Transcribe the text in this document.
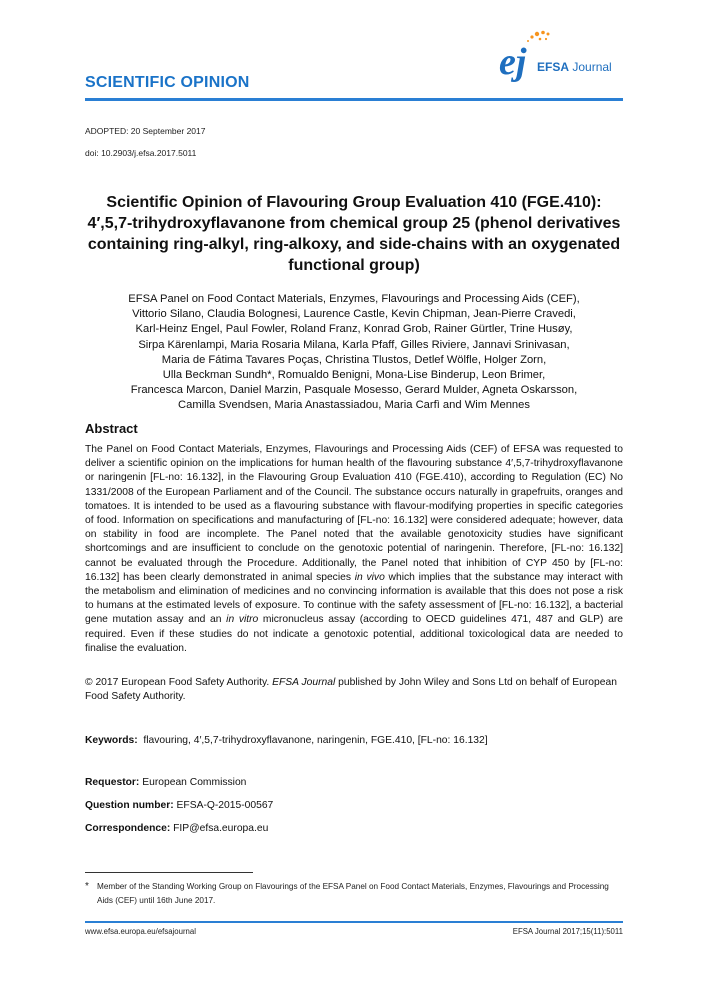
SCIENTIFIC OPINION	ej EFSA Journal
ADOPTED: 20 September 2017
doi: 10.2903/j.efsa.2017.5011
Scientific Opinion of Flavouring Group Evaluation 410 (FGE.410): 4′,5,7-trihydroxyflavanone from chemical group 25 (phenol derivatives containing ring-alkyl, ring-alkoxy, and side-chains with an oxygenated functional group)
EFSA Panel on Food Contact Materials, Enzymes, Flavourings and Processing Aids (CEF),
Vittorio Silano, Claudia Bolognesi, Laurence Castle, Kevin Chipman, Jean-Pierre Cravedi,
Karl-Heinz Engel, Paul Fowler, Roland Franz, Konrad Grob, Rainer Gürtler, Trine Husøy,
Sirpa Kärenlampi, Maria Rosaria Milana, Karla Pfaff, Gilles Riviere, Jannavi Srinivasan,
Maria de Fátima Tavares Poças, Christina Tlustos, Detlef Wölfle, Holger Zorn,
Ulla Beckman Sundh*, Romualdo Benigni, Mona-Lise Binderup, Leon Brimer,
Francesca Marcon, Daniel Marzin, Pasquale Mosesso, Gerard Mulder, Agneta Oskarsson,
Camilla Svendsen, Maria Anastassiadou, Maria Carfì and Wim Mennes
Abstract
The Panel on Food Contact Materials, Enzymes, Flavourings and Processing Aids (CEF) of EFSA was requested to deliver a scientific opinion on the implications for human health of the flavouring substance 4′,5,7-trihydroxyflavanone or naringenin [FL-no: 16.132], in the Flavouring Group Evaluation 410 (FGE.410), according to Regulation (EC) No 1331/2008 of the European Parliament and of the Council. The substance occurs naturally in grapefruits, oranges and tomatoes. It is intended to be used as a flavouring substance with flavour-modifying properties in specific categories of food. Information on specifications and manufacturing of [FL-no: 16.132] were considered adequate; however, data on stability in food are incomplete. The Panel noted that the available genotoxicity studies have significant shortcomings and are insufficient to conclude on the genotoxic potential of naringenin. Therefore, [FL-no: 16.132] cannot be evaluated through the Procedure. Additionally, the Panel noted that inhibition of CYP 450 by [FL-no: 16.132] has been clearly demonstrated in animal species in vivo which implies that the substance may interact with the metabolism and elimination of medicines and no convincing information is available that this does not pose a risk to humans at the estimated levels of exposure. To continue with the safety assessment of [FL-no: 16.132], a bacterial gene mutation assay and an in vitro micronucleus assay (according to OECD guidelines 471, 487 and GLP) are required. Even if these studies do not indicate a genotoxic potential, additional toxicological data are needed to finalise the evaluation.
© 2017 European Food Safety Authority. EFSA Journal published by John Wiley and Sons Ltd on behalf of European Food Safety Authority.
Keywords: flavouring, 4′,5,7-trihydroxyflavanone, naringenin, FGE.410, [FL-no: 16.132]
Requestor: European Commission
Question number: EFSA-Q-2015-00567
Correspondence: FIP@efsa.europa.eu
* Member of the Standing Working Group on Flavourings of the EFSA Panel on Food Contact Materials, Enzymes, Flavourings and Processing Aids (CEF) until 16th June 2017.
www.efsa.europa.eu/efsajournal	EFSA Journal 2017;15(11):5011
